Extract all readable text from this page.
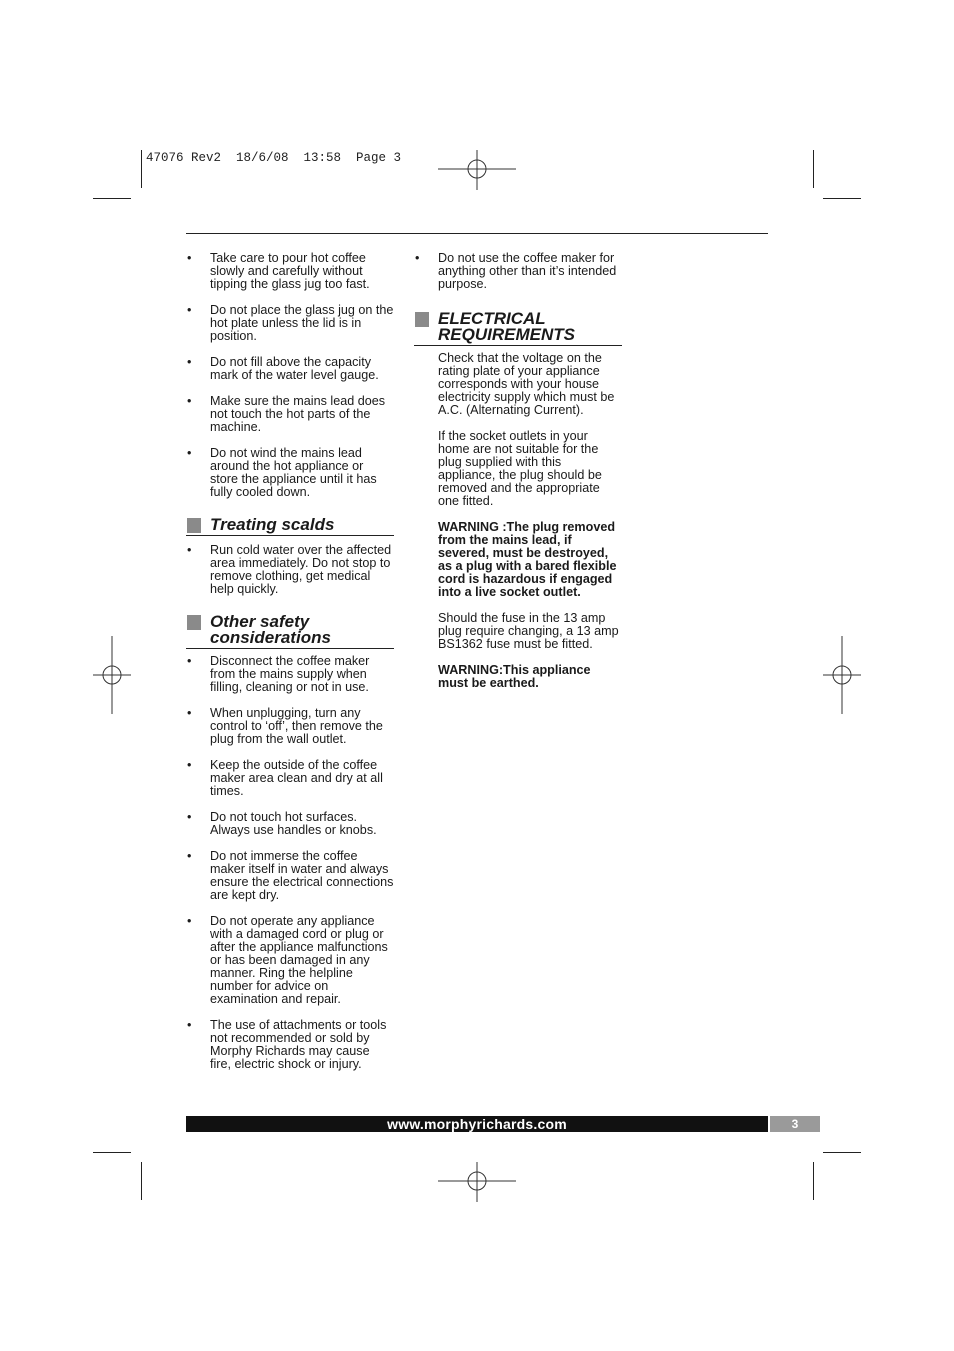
47076 Rev2  18/6/08  13:58  Page 3
• Take care to pour hot coffee slowly and carefully without tipping the glass jug too fast.
• Do not place the glass jug on the hot plate unless the lid is in position.
• Do not fill above the capacity mark of the water level gauge.
• Make sure the mains lead does not touch the hot parts of the machine.
• Do not wind the mains lead around the hot appliance or store the appliance until it has fully cooled down.
Treating scalds
• Run cold water over the affected area immediately. Do not stop to remove clothing, get medical help quickly.
Other safety considerations
• Disconnect the coffee maker from the mains supply when filling, cleaning or not in use.
• When unplugging, turn any control to ‘off’, then remove the plug from the wall outlet.
• Keep the outside of the coffee maker area clean and dry at all times.
• Do not touch hot surfaces. Always use handles or knobs.
• Do not immerse the coffee maker itself in water and always ensure the electrical connections are kept dry.
• Do not operate any appliance with a damaged cord or plug or after the appliance malfunctions or has been damaged in any manner. Ring the helpline number for advice on examination and repair.
• The use of attachments or tools not recommended or sold by Morphy Richards may cause fire, electric shock or injury.
• Do not use the coffee maker for anything other than it’s intended purpose.
ELECTRICAL REQUIREMENTS

Check that the voltage on the rating plate of your appliance corresponds with your house electricity supply which must be A.C. (Alternating Current).

If the socket outlets in your home are not suitable for the plug supplied with this appliance, the plug should be removed and the appropriate one fitted.

WARNING :The plug removed from the mains lead, if severed, must be destroyed, as a plug with a bared flexible cord is hazardous if engaged into a live socket outlet.

Should the fuse in the 13 amp plug require changing, a 13 amp BS1362 fuse must be fitted.

WARNING:This appliance must be earthed.

www.morphyrichards.com	3
